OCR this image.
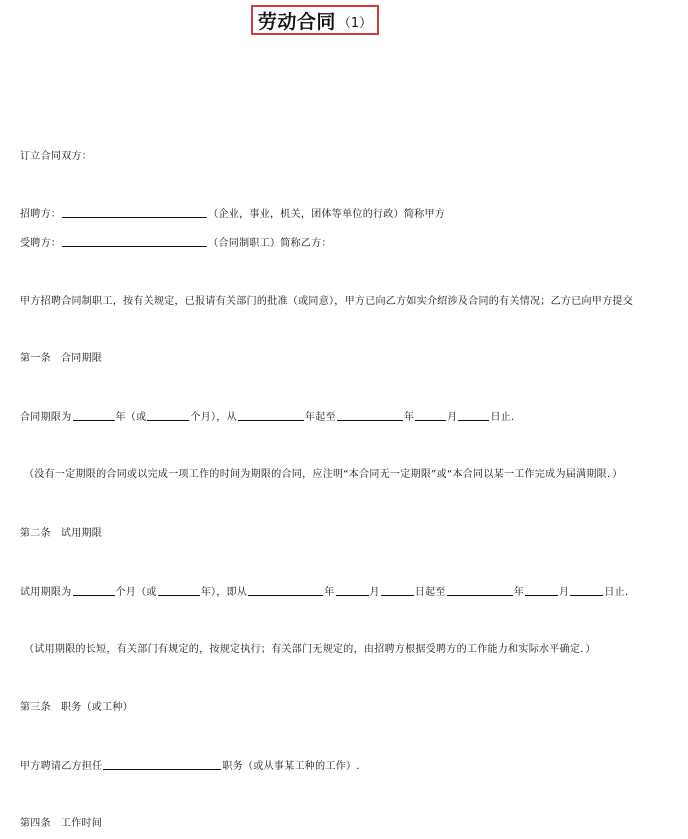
劳动合同 （1）
订立合同双方：
招聘方：	（企业，事业，机关，团体等单位的行政）简称甲方
受聘方：	（合同制职工）简称乙方：
甲方招聘合同制职工，按有关规定，已报请有关部门的批准（或同意），甲方已向乙方如实介绍涉及合同的有关情况；乙方已向甲方提交
第一条 合同期限
合同期限为	年（或	个月），从	年起至	年	月	日止.
（没有一定期限的合同或以完成一项工作的时间为期限的合同，应注明“本合同无一定期限”或“本合同以某一工作完成为届满期限．）
第二条 试用期限
试用期限为	个月（或	年），即从	年	月	日起至	年	月	日止.
（试用期限的长短，有关部门有规定的，按规定执行；有关部门无规定的，由招聘方根据受聘方的工作能力和实际水平确定．）
第三条 职务（或工种）
甲方聘请乙方担任	职务（或从事某工种的工作）.
第四条 工作时间
